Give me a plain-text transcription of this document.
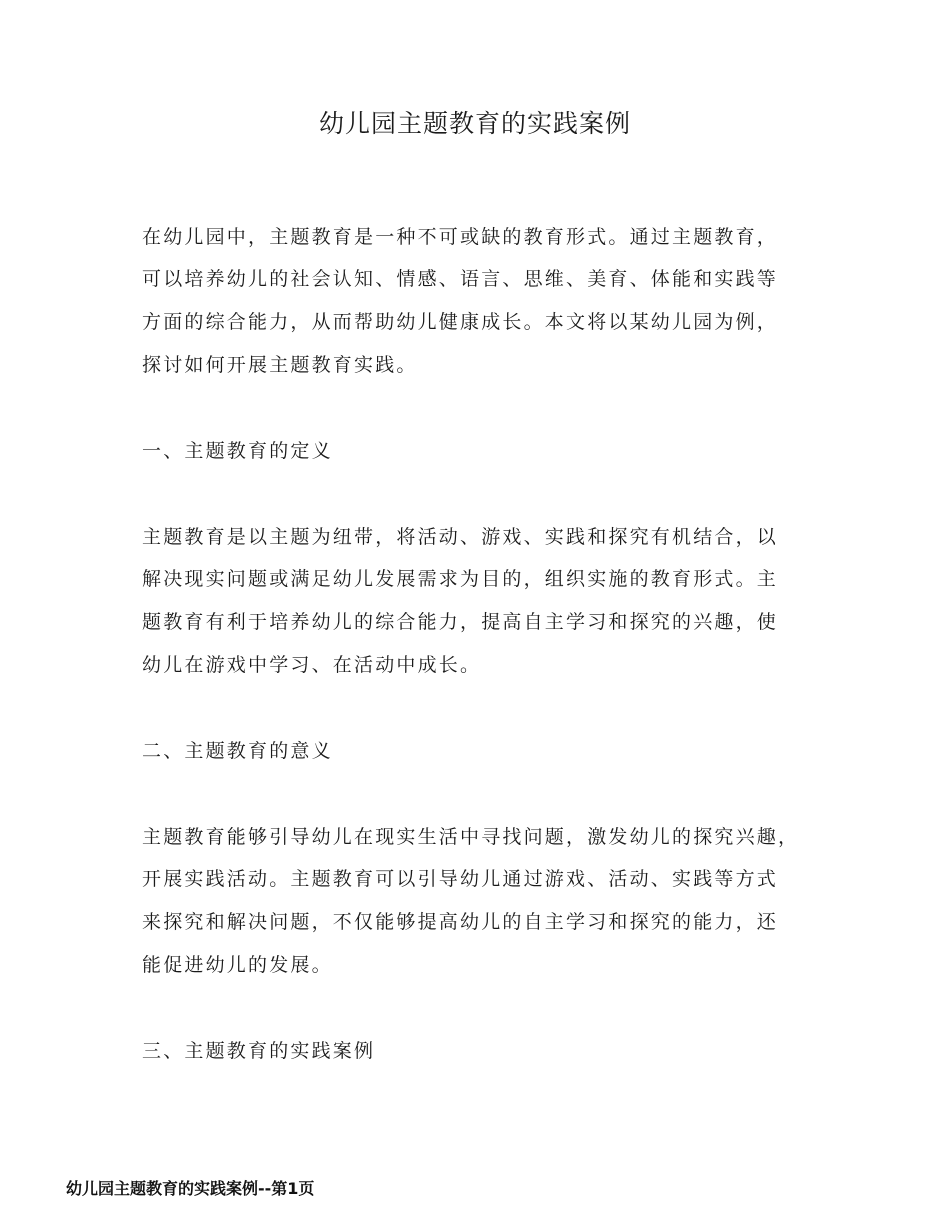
幼儿园主题教育的实践案例

在幼儿园中，主题教育是一种不可或缺的教育形式。通过主题教育，

可以培养幼儿的社会认知、情感、语言、思维、美育、体能和实践等

方面的综合能力，从而帮助幼儿健康成长。本文将以某幼儿园为例，

探讨如何开展主题教育实践。

一、主题教育的定义

主题教育是以主题为纽带，将活动、游戏、实践和探究有机结合，以

解决现实问题或满足幼儿发展需求为目的，组织实施的教育形式。主

题教育有利于培养幼儿的综合能力，提高自主学习和探究的兴趣，使

幼儿在游戏中学习、在活动中成长。

二、主题教育的意义

主题教育能够引导幼儿在现实生活中寻找问题，激发幼儿的探究兴趣，

开展实践活动。主题教育可以引导幼儿通过游戏、活动、实践等方式

来探究和解决问题，不仅能够提高幼儿的自主学习和探究的能力，还

能促进幼儿的发展。

三、主题教育的实践案例

幼儿园主题教育的实践案例--第1页
